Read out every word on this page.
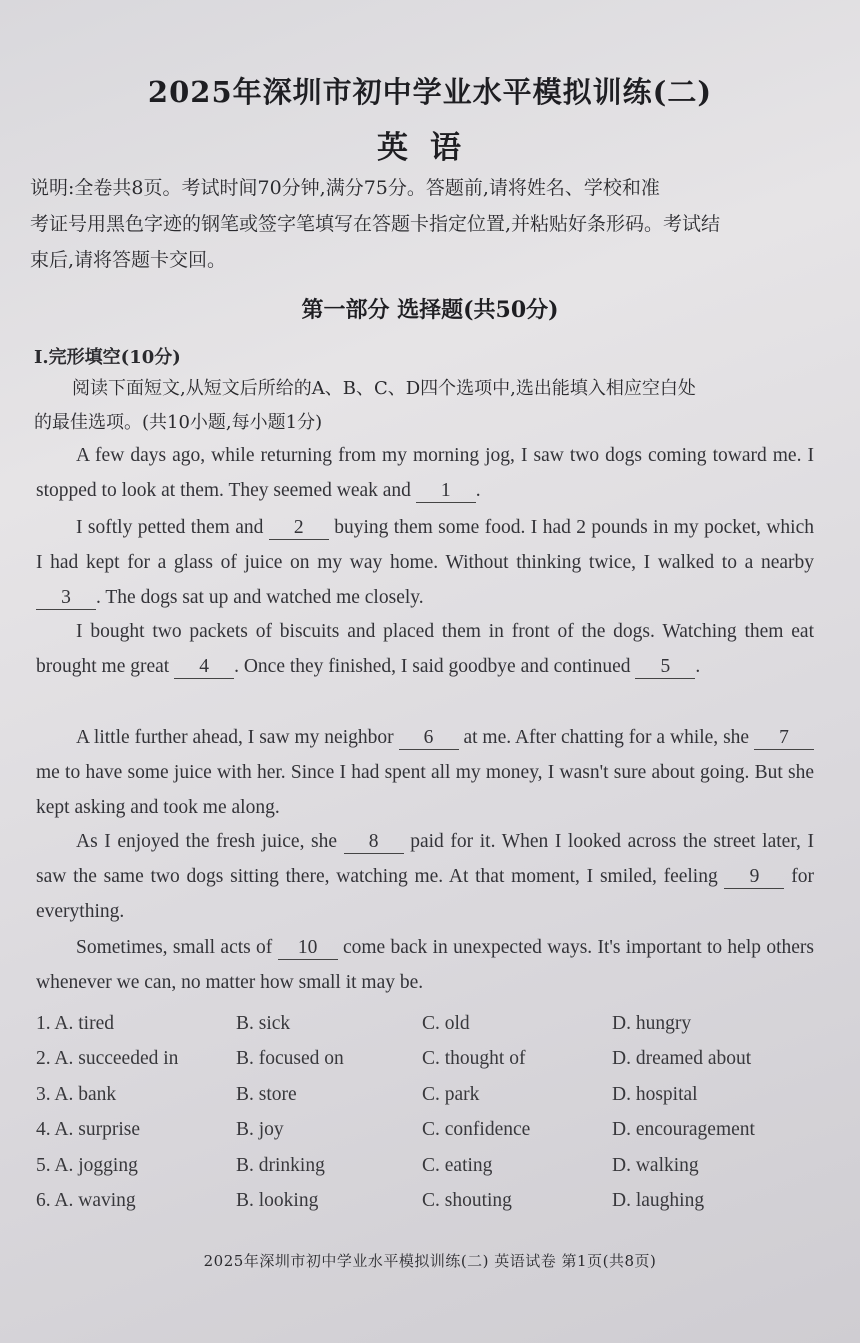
2025年深圳市初中学业水平模拟训练(二)
英语
说明:全卷共8页。考试时间70分钟,满分75分。答题前,请将姓名、学校和准
考证号用黑色字迹的钢笔或签字笔填写在答题卡指定位置,并粘贴好条形码。考试结
束后,请将答题卡交回。
第一部分 选择题(共50分)
Ⅰ.完形填空(10分)
阅读下面短文,从短文后所给的A、B、C、D四个选项中,选出能填入相应空白处
的最佳选项。(共10小题,每小题1分)
A few days ago, while returning from my morning jog, I saw two dogs coming toward me. I stopped to look at them. They seemed weak and 1 .
I softly petted them and 2 buying them some food. I had 2 pounds in my pocket, which I had kept for a glass of juice on my way home. Without thinking twice, I walked to a nearby 3 . The dogs sat up and watched me closely.
I bought two packets of biscuits and placed them in front of the dogs. Watching them eat brought me great 4 . Once they finished, I said goodbye and continued 5 .
A little further ahead, I saw my neighbor 6 at me. After chatting for a while, she 7 me to have some juice with her. Since I had spent all my money, I wasn't sure about going. But she kept asking and took me along.
As I enjoyed the fresh juice, she 8 paid for it. When I looked across the street later, I saw the same two dogs sitting there, watching me. At that moment, I smiled, feeling 9 for everything.
Sometimes, small acts of 10 come back in unexpected ways. It's important to help others whenever we can, no matter how small it may be.
1. A. tired	B. sick	C. old	D. hungry
2. A. succeeded in	B. focused on	C. thought of	D. dreamed about
3. A. bank	B. store	C. park	D. hospital
4. A. surprise	B. joy	C. confidence	D. encouragement
5. A. jogging	B. drinking	C. eating	D. walking
6. A. waving	B. looking	C. shouting	D. laughing
2025年深圳市初中学业水平模拟训练(二) 英语试卷 第1页(共8页)
